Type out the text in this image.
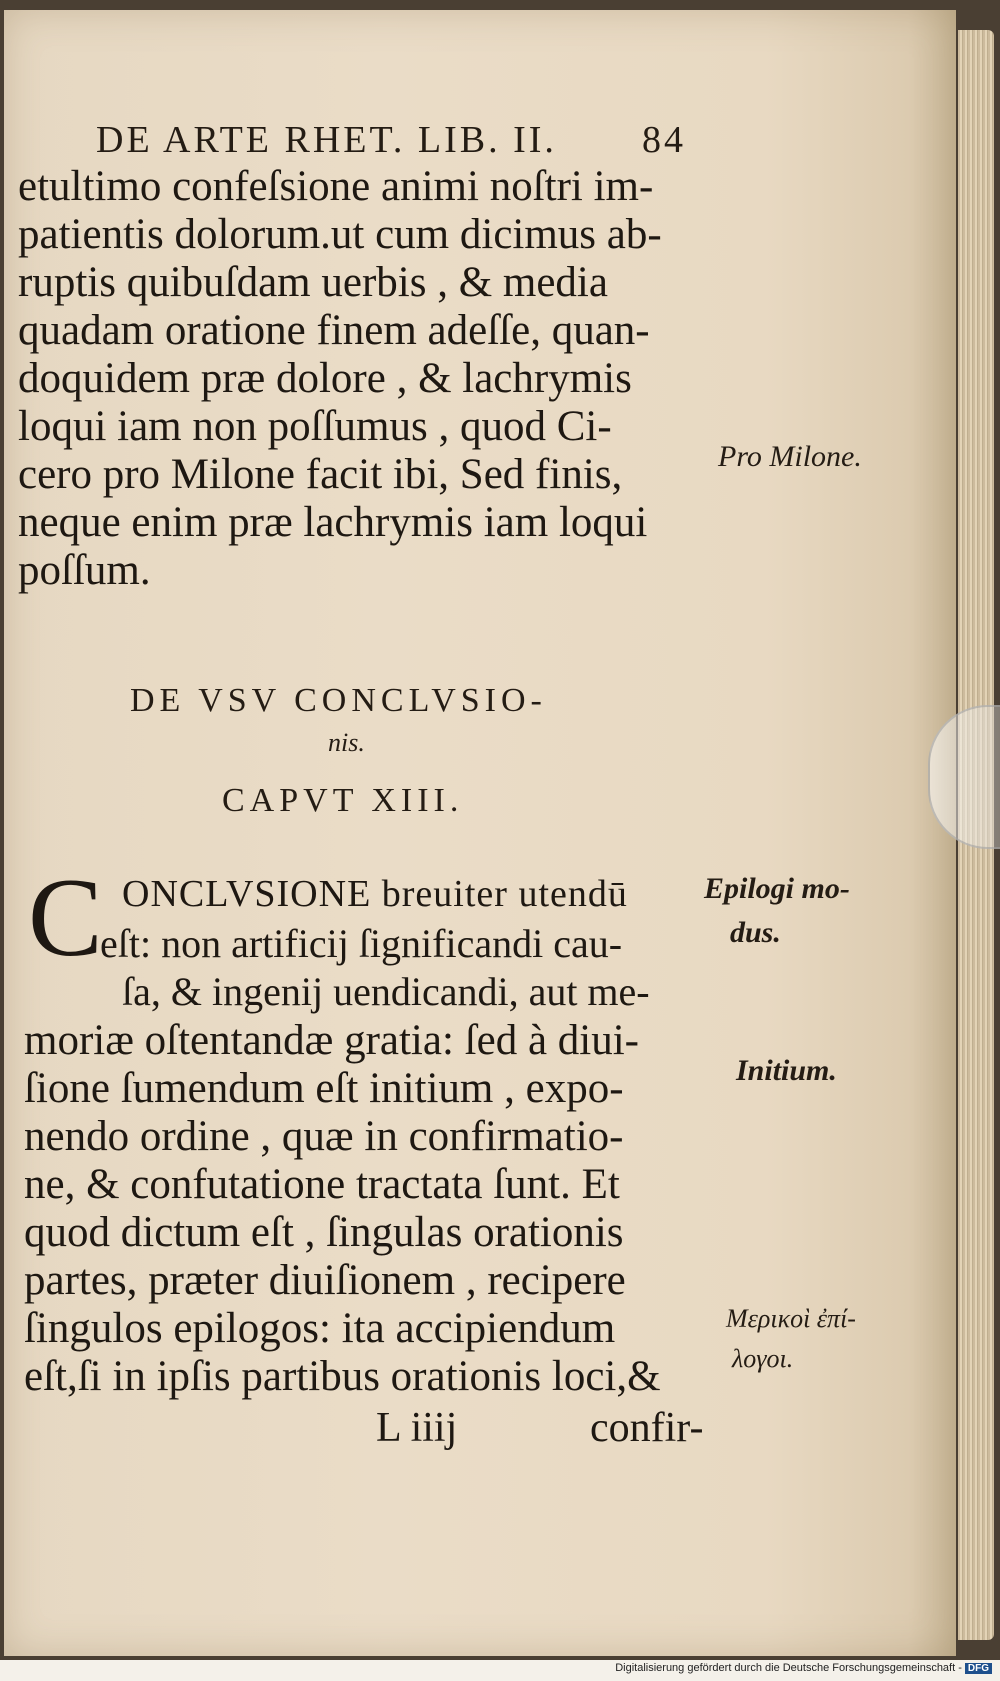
DE ARTE RHET. LIB. II. 84
etultimo confeſsione animi noſtri im-
patientis dolorum.ut cum dicimus ab-
ruptis quibuſdam uerbis , & media
quadam oratione finem adeſſe, quan-
doquidem præ dolore , & lachrymis
loqui iam non poſſumus , quod Ci-
cero pro Milone facit ibi, Sed finis,
neque enim præ lachrymis iam loqui
poſſum.
DE VSV CONCLVSIO-
nis.
CAPVT XIII.
C ONCLVSIONE breuiter utendū
eſt: non artificij ſignificandi cau-
ſa, & ingenij uendicandi, aut me-
moriæ oſtentandæ gratia: ſed à diui-
ſione ſumendum eſt initium , expo-
nendo ordine , quæ in confirmatio-
ne, & confutatione tractata ſunt. Et
quod dictum eſt , ſingulas orationis
partes, præter diuiſionem , recipere
ſingulos epilogos: ita accipiendum
eſt,ſi in ipſis partibus orationis loci,&
L iiij	confir-
Pro Milone.
Epilogi mo-
dus.
Initium.
Μερικοὶ ἐπί-
λογοι.
Digitalisierung gefördert durch die Deutsche Forschungsgemeinschaft - DFG
